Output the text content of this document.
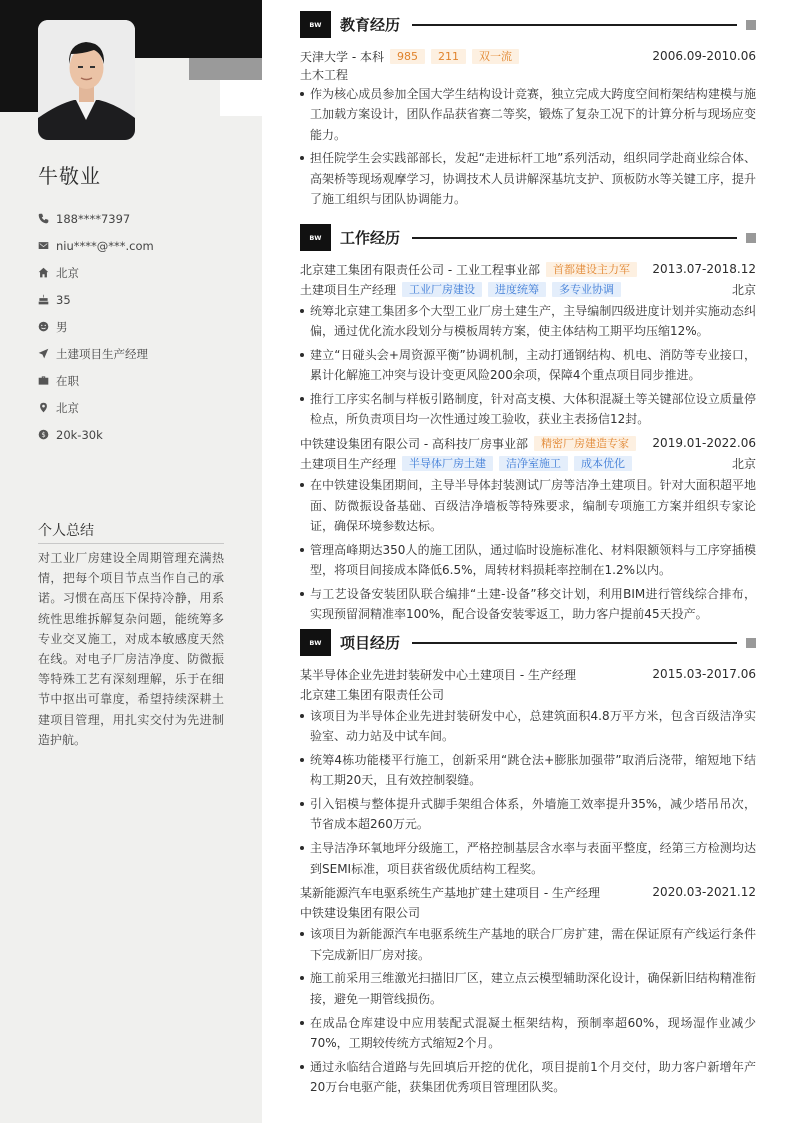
牛敬业
188****7397
niu****@***.com
北京
35
男
土建项目生产经理
在职
北京
$ 20k-30k
个人总结
对工业厂房建设全周期管理充满热情，把每个项目节点当作自己的承诺。习惯在高压下保持冷静，用系统性思维拆解复杂问题，能统筹多专业交叉施工，对成本敏感度天然在线。对电子厂房洁净度、防微振等特殊工艺有深刻理解，乐于在细节中抠出可靠度，希望持续深耕土建项目管理，用扎实交付为先进制造护航。
BW	教育经历
天津大学 - 本科	985	211	双一流	2006.09-2010.06
土木工程
作为核心成员参加全国大学生结构设计竞赛，独立完成大跨度空间桁架结构建模与施工加载方案设计，团队作品获省赛二等奖，锻炼了复杂工况下的计算分析与现场应变能力。
担任院学生会实践部部长，发起“走进标杆工地”系列活动，组织同学赴商业综合体、高架桥等现场观摩学习，协调技术人员讲解深基坑支护、顶板防水等关键工序，提升了施工组织与团队协调能力。
BW	工作经历
北京建工集团有限责任公司 - 工业工程事业部	首都建设主力军	2013.07-2018.12
土建项目生产经理	工业厂房建设	进度统筹	多专业协调	北京
统筹北京建工集团多个大型工业厂房土建生产，主导编制四级进度计划并实施动态纠偏，通过优化流水段划分与模板周转方案，使主体结构工期平均压缩12%。
建立“日碰头会+周资源平衡”协调机制，主动打通钢结构、机电、消防等专业接口，累计化解施工冲突与设计变更风险200余项，保障4个重点项目同步推进。
推行工序实名制与样板引路制度，针对高支模、大体积混凝土等关键部位设立质量停检点，所负责项目均一次性通过竣工验收，获业主表扬信12封。
中铁建设集团有限公司 - 高科技厂房事业部	精密厂房建造专家	2019.01-2022.06
土建项目生产经理	半导体厂房土建	洁净室施工	成本优化	北京
在中铁建设集团期间，主导半导体封装测试厂房等洁净土建项目。针对大面积超平地面、防微振设备基础、百级洁净墙板等特殊要求，编制专项施工方案并组织专家论证，确保环境参数达标。
管理高峰期达350人的施工团队，通过临时设施标准化、材料限额领料与工序穿插模型，将项目间接成本降低6.5%，周转材料损耗率控制在1.2%以内。
与工艺设备安装团队联合编排“土建-设备”移交计划，利用BIM进行管线综合排布，实现预留洞精准率100%，配合设备安装零返工，助力客户提前45天投产。
BW	项目经历
某半导体企业先进封装研发中心土建项目 - 生产经理	2015.03-2017.06
北京建工集团有限责任公司
该项目为半导体企业先进封装研发中心，总建筑面积4.8万平方米，包含百级洁净实验室、动力站及中试车间。
统筹4栋功能楼平行施工，创新采用“跳仓法+膨胀加强带”取消后浇带，缩短地下结构工期20天，且有效控制裂缝。
引入铝模与整体提升式脚手架组合体系，外墙施工效率提升35%，减少塔吊吊次，节省成本超260万元。
主导洁净环氧地坪分级施工，严格控制基层含水率与表面平整度，经第三方检测均达到SEMI标准，项目获省级优质结构工程奖。
某新能源汽车电驱系统生产基地扩建土建项目 - 生产经理	2020.03-2021.12
中铁建设集团有限公司
该项目为新能源汽车电驱系统生产基地的联合厂房扩建，需在保证原有产线运行条件下完成新旧厂房对接。
施工前采用三维激光扫描旧厂区，建立点云模型辅助深化设计，确保新旧结构精准衔接，避免一期管线损伤。
在成品仓库建设中应用装配式混凝土框架结构，预制率超60%，现场湿作业减少70%，工期较传统方式缩短2个月。
通过永临结合道路与先回填后开挖的优化，项目提前1个月交付，助力客户新增年产20万台电驱产能，获集团优秀项目管理团队奖。
